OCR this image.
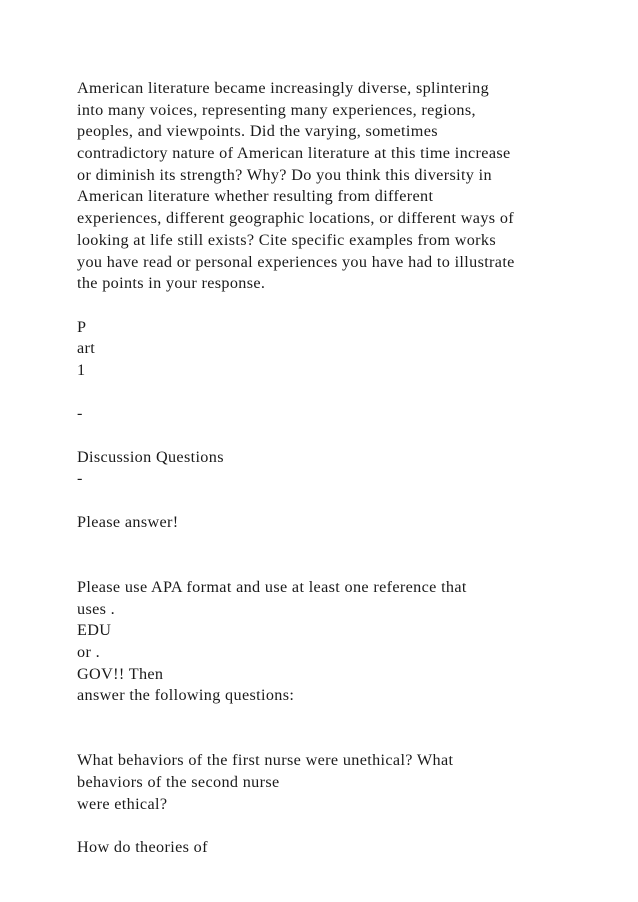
American literature became increasingly diverse, splintering
into many voices, representing many experiences, regions,
peoples, and viewpoints. Did the varying, sometimes
contradictory nature of American literature at this time increase
or diminish its strength? Why? Do you think this diversity in
American literature whether resulting from different
experiences, different geographic locations, or different ways of
looking at life still exists? Cite specific examples from works
you have read or personal experiences you have had to illustrate
the points in your response.
P
art
1
-
Discussion Questions
-
Please answer!
Please use APA format and use at least one reference that
uses .
EDU
or .
GOV!! Then
answer the following questions:
What behaviors of the first nurse were unethical? What
behaviors of the second nurse
were ethical?
How do theories of
